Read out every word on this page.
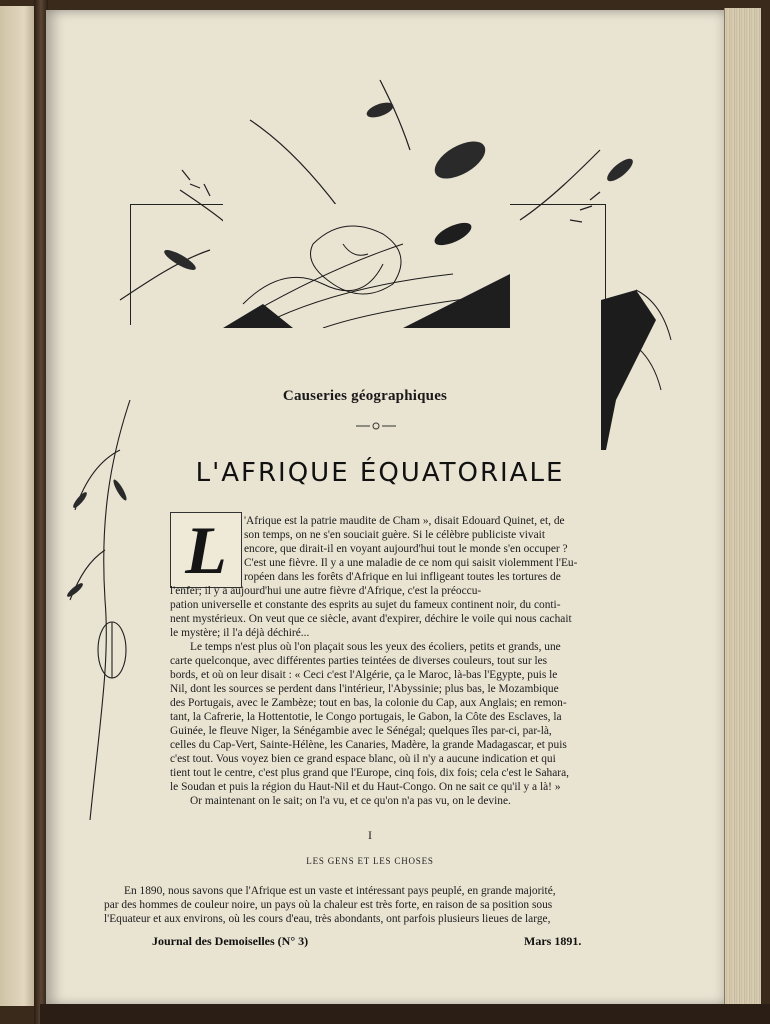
Causeries géographiques
L'AFRIQUE ÉQUATORIALE
L	'Afrique est la patrie maudite de Cham », disait Edouard Quinet, et, de
son temps, on ne s'en souciait guère. Si le célèbre publiciste vivait
encore, que dirait-il en voyant aujourd'hui tout le monde s'en occuper ?
C'est une fièvre. Il y a une maladie de ce nom qui saisit violemment l'Eu-
ropéen dans les forêts d'Afrique en lui infligeant toutes les tortures de
l'enfer; il y a aujourd'hui une autre fièvre d'Afrique, c'est la préoccu-
pation universelle et constante des esprits au sujet du fameux continent noir, du conti-
nent mystérieux. On veut que ce siècle, avant d'expirer, déchire le voile qui nous cachait
le mystère; il l'a déjà déchiré...
Le temps n'est plus où l'on plaçait sous les yeux des écoliers, petits et grands, une
carte quelconque, avec différentes parties teintées de diverses couleurs, tout sur les
bords, et où on leur disait : « Ceci c'est l'Algérie, ça le Maroc, là-bas l'Egypte, puis le
Nil, dont les sources se perdent dans l'intérieur, l'Abyssinie; plus bas, le Mozambique
des Portugais, avec le Zambèze; tout en bas, la colonie du Cap, aux Anglais; en remon-
tant, la Cafrerie, la Hottentotie, le Congo portugais, le Gabon, la Côte des Esclaves, la
Guinée, le fleuve Niger, la Sénégambie avec le Sénégal; quelques îles par-ci, par-là,
celles du Cap-Vert, Sainte-Hélène, les Canaries, Madère, la grande Madagascar, et puis
c'est tout. Vous voyez bien ce grand espace blanc, où il n'y a aucune indication et qui
tient tout le centre, c'est plus grand que l'Europe, cinq fois, dix fois; cela c'est le Sahara,
le Soudan et puis la région du Haut-Nil et du Haut-Congo. On ne sait ce qu'il y a là! »
Or maintenant on le sait; on l'a vu, et ce qu'on n'a pas vu, on le devine.
I
LES GENS ET LES CHOSES
En 1890, nous savons que l'Afrique est un vaste et intéressant pays peuplé, en grande majorité,
par des hommes de couleur noire, un pays où la chaleur est très forte, en raison de sa position sous
l'Equateur et aux environs, où les cours d'eau, très abondants, ont parfois plusieurs lieues de large,
Journal des Demoiselles (N° 3)	Mars 1891.
